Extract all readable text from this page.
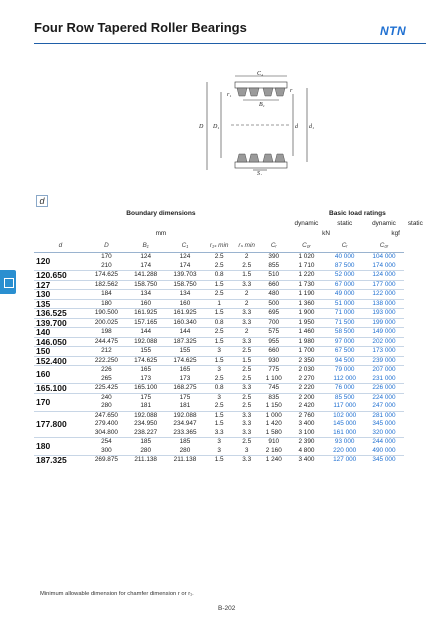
Four Row Tapered Roller Bearings	NTN
C₄
r₁
r
B₁
D D₁	d d₁
S₄
d
Boundary dimensions							Basic load ratings			
							dynamic	static	dynamic	static
mm							kN		kgf	
d	D	B₁	C₁	r₁ₛ min	rₛ min	Cᵣ	C₀ᵣ	Cᵣ	C₀ᵣ	
120	170	124	124	2.5	2	390	1 020	40 000	104 000	
	210	174	174	2.5	2.5	855	1 710	87 500	174 000	
120.650	174.625	141.288	139.703	0.8	1.5	510	1 220	52 000	124 000	
127	182.562	158.750	158.750	1.5	3.3	660	1 730	67 000	177 000	
130	184	134	134	2.5	2	480	1 190	49 000	122 000	
135	180	160	160	1	2	500	1 360	51 000	138 000	
136.525	190.500	161.925	161.925	1.5	3.3	695	1 900	71 000	193 000	
139.700	200.025	157.165	160.340	0.8	3.3	700	1 950	71 500	199 000	
140	198	144	144	2.5	2	575	1 460	58 500	149 000	
146.050	244.475	192.088	187.325	1.5	3.3	955	1 980	97 000	202 000	
150	212	155	155	3	2.5	660	1 700	67 500	173 000	
152.400	222.250	174.625	174.625	1.5	1.5	930	2 350	94 500	239 000	
160	226	165	165	3	2.5	775	2 030	79 000	207 000	
	265	173	173	2.5	2.5	1 100	2 270	112 000	231 000	
165.100	225.425	165.100	168.275	0.8	3.3	745	2 220	76 000	226 000	
170	240	175	175	3	2.5	835	2 200	85 500	224 000	
	280	181	181	2.5	2.5	1 150	2 420	117 000	247 000	
177.800	247.650	192.088	192.088	1.5	3.3	1 000	2 760	102 000	281 000	
	279.400	234.950	234.947	1.5	3.3	1 420	3 400	145 000	345 000	
	304.800	238.227	233.365	3.3	3.3	1 580	3 100	161 000	320 000	
180	254	185	185	3	2.5	910	2 390	93 000	244 000	
	300	280	280	3	3	2 160	4 800	220 000	490 000	
187.325	269.875	211.138	211.138	1.5	3.3	1 240	3 400	127 000	345 000	
Minimum allowable dimension for chamfer dimension r or r₁.
B-202
